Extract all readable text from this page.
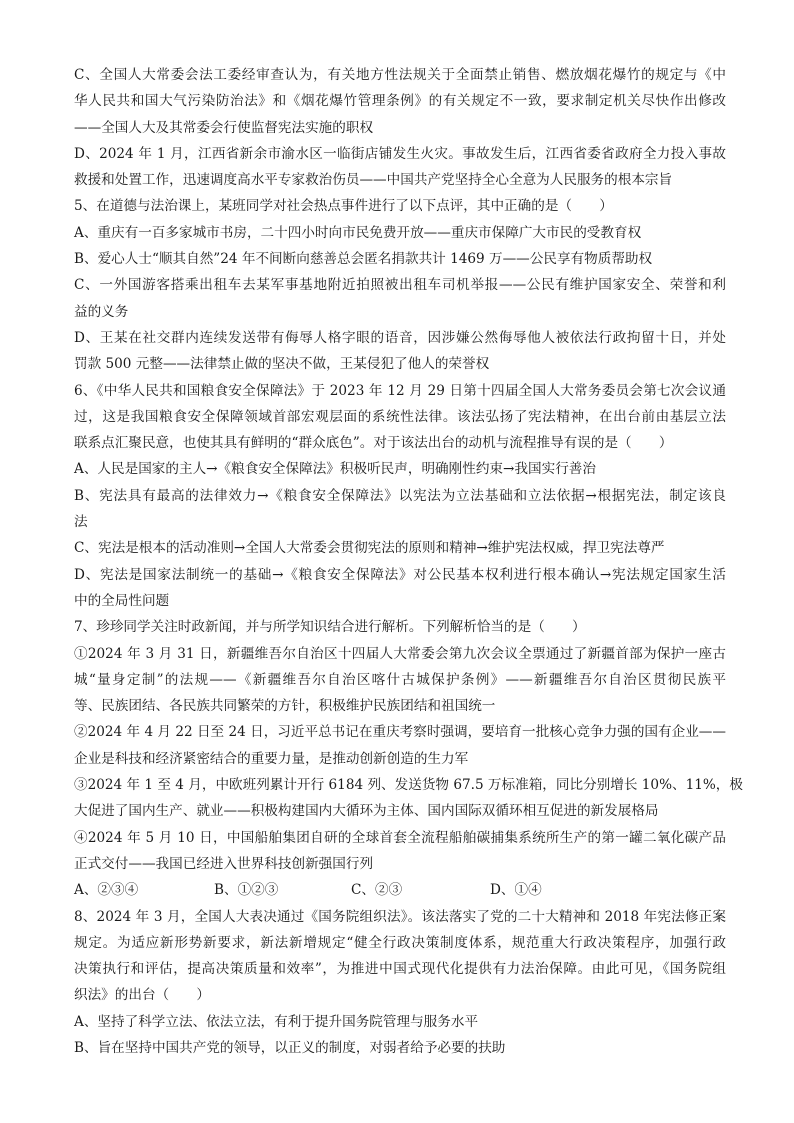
C、全国人大常委会法工委经审查认为，有关地方性法规关于全面禁止销售、燃放烟花爆竹的规定与《中
华人民共和国大气污染防治法》和《烟花爆竹管理条例》的有关规定不一致，要求制定机关尽快作出修改
——全国人大及其常委会行使监督宪法实施的职权
D、2024 年 1 月，江西省新余市渝水区一临街店铺发生火灾。事故发生后，江西省委省政府全力投入事故
救援和处置工作，迅速调度高水平专家救治伤员——中国共产党坚持全心全意为人民服务的根本宗旨
5、在道德与法治课上，某班同学对社会热点事件进行了以下点评，其中正确的是（　　）
A、重庆有一百多家城市书房，二十四小时向市民免费开放——重庆市保障广大市民的受教育权
B、爱心人士“顺其自然”24 年不间断向慈善总会匿名捐款共计 1469 万——公民享有物质帮助权
C、一外国游客搭乘出租车去某军事基地附近拍照被出租车司机举报——公民有维护国家安全、荣誉和利
益的义务
D、王某在社交群内连续发送带有侮辱人格字眼的语音，因涉嫌公然侮辱他人被依法行政拘留十日，并处
罚款 500 元整——法律禁止做的坚决不做，王某侵犯了他人的荣誉权
6、《中华人民共和国粮食安全保障法》于 2023 年 12 月 29 日第十四届全国人大常务委员会第七次会议通
过，这是我国粮食安全保障领域首部宏观层面的系统性法律。该法弘扬了宪法精神，在出台前由基层立法
联系点汇聚民意，也使其具有鲜明的“群众底色”。对于该法出台的动机与流程推导有误的是（　　）
A、人民是国家的主人→《粮食安全保障法》积极听民声，明确刚性约束→我国实行善治
B、宪法具有最高的法律效力→《粮食安全保障法》以宪法为立法基础和立法依据→根据宪法，制定该良
法
C、宪法是根本的活动准则→全国人大常委会贯彻宪法的原则和精神→维护宪法权威，捍卫宪法尊严
D、宪法是国家法制统一的基础→《粮食安全保障法》对公民基本权利进行根本确认→宪法规定国家生活
中的全局性问题
7、珍珍同学关注时政新闻，并与所学知识结合进行解析。下列解析恰当的是（　　）
①2024 年 3 月 31 日，新疆维吾尔自治区十四届人大常委会第九次会议全票通过了新疆首部为保护一座古
城“量身定制”的法规——《新疆维吾尔自治区喀什古城保护条例》——新疆维吾尔自治区贯彻民族平
等、民族团结、各民族共同繁荣的方针，积极维护民族团结和祖国统一
②2024 年 4 月 22 日至 24 日，习近平总书记在重庆考察时强调，要培育一批核心竞争力强的国有企业——
企业是科技和经济紧密结合的重要力量，是推动创新创造的生力军
③2024 年 1 至 4 月，中欧班列累计开行 6184 列、发送货物 67.5 万标准箱，同比分别增长 10%、11%，极
大促进了国内生产、就业——积极构建国内大循环为主体、国内国际双循环相互促进的新发展格局
④2024 年 5 月 10 日，中国船舶集团自研的全球首套全流程船舶碳捕集系统所生产的第一罐二氧化碳产品
正式交付——我国已经进入世界科技创新强国行列
A、②③④	B、①②③	C、②③	D、①④
8、2024 年 3 月，全国人大表决通过《国务院组织法》。该法落实了党的二十大精神和 2018 年宪法修正案
规定。为适应新形势新要求，新法新增规定“健全行政决策制度体系，规范重大行政决策程序，加强行政
决策执行和评估，提高决策质量和效率”，为推进中国式现代化提供有力法治保障。由此可见，《国务院组
织法》的出台（　　）
A、坚持了科学立法、依法立法，有利于提升国务院管理与服务水平
B、旨在坚持中国共产党的领导，以正义的制度，对弱者给予必要的扶助
